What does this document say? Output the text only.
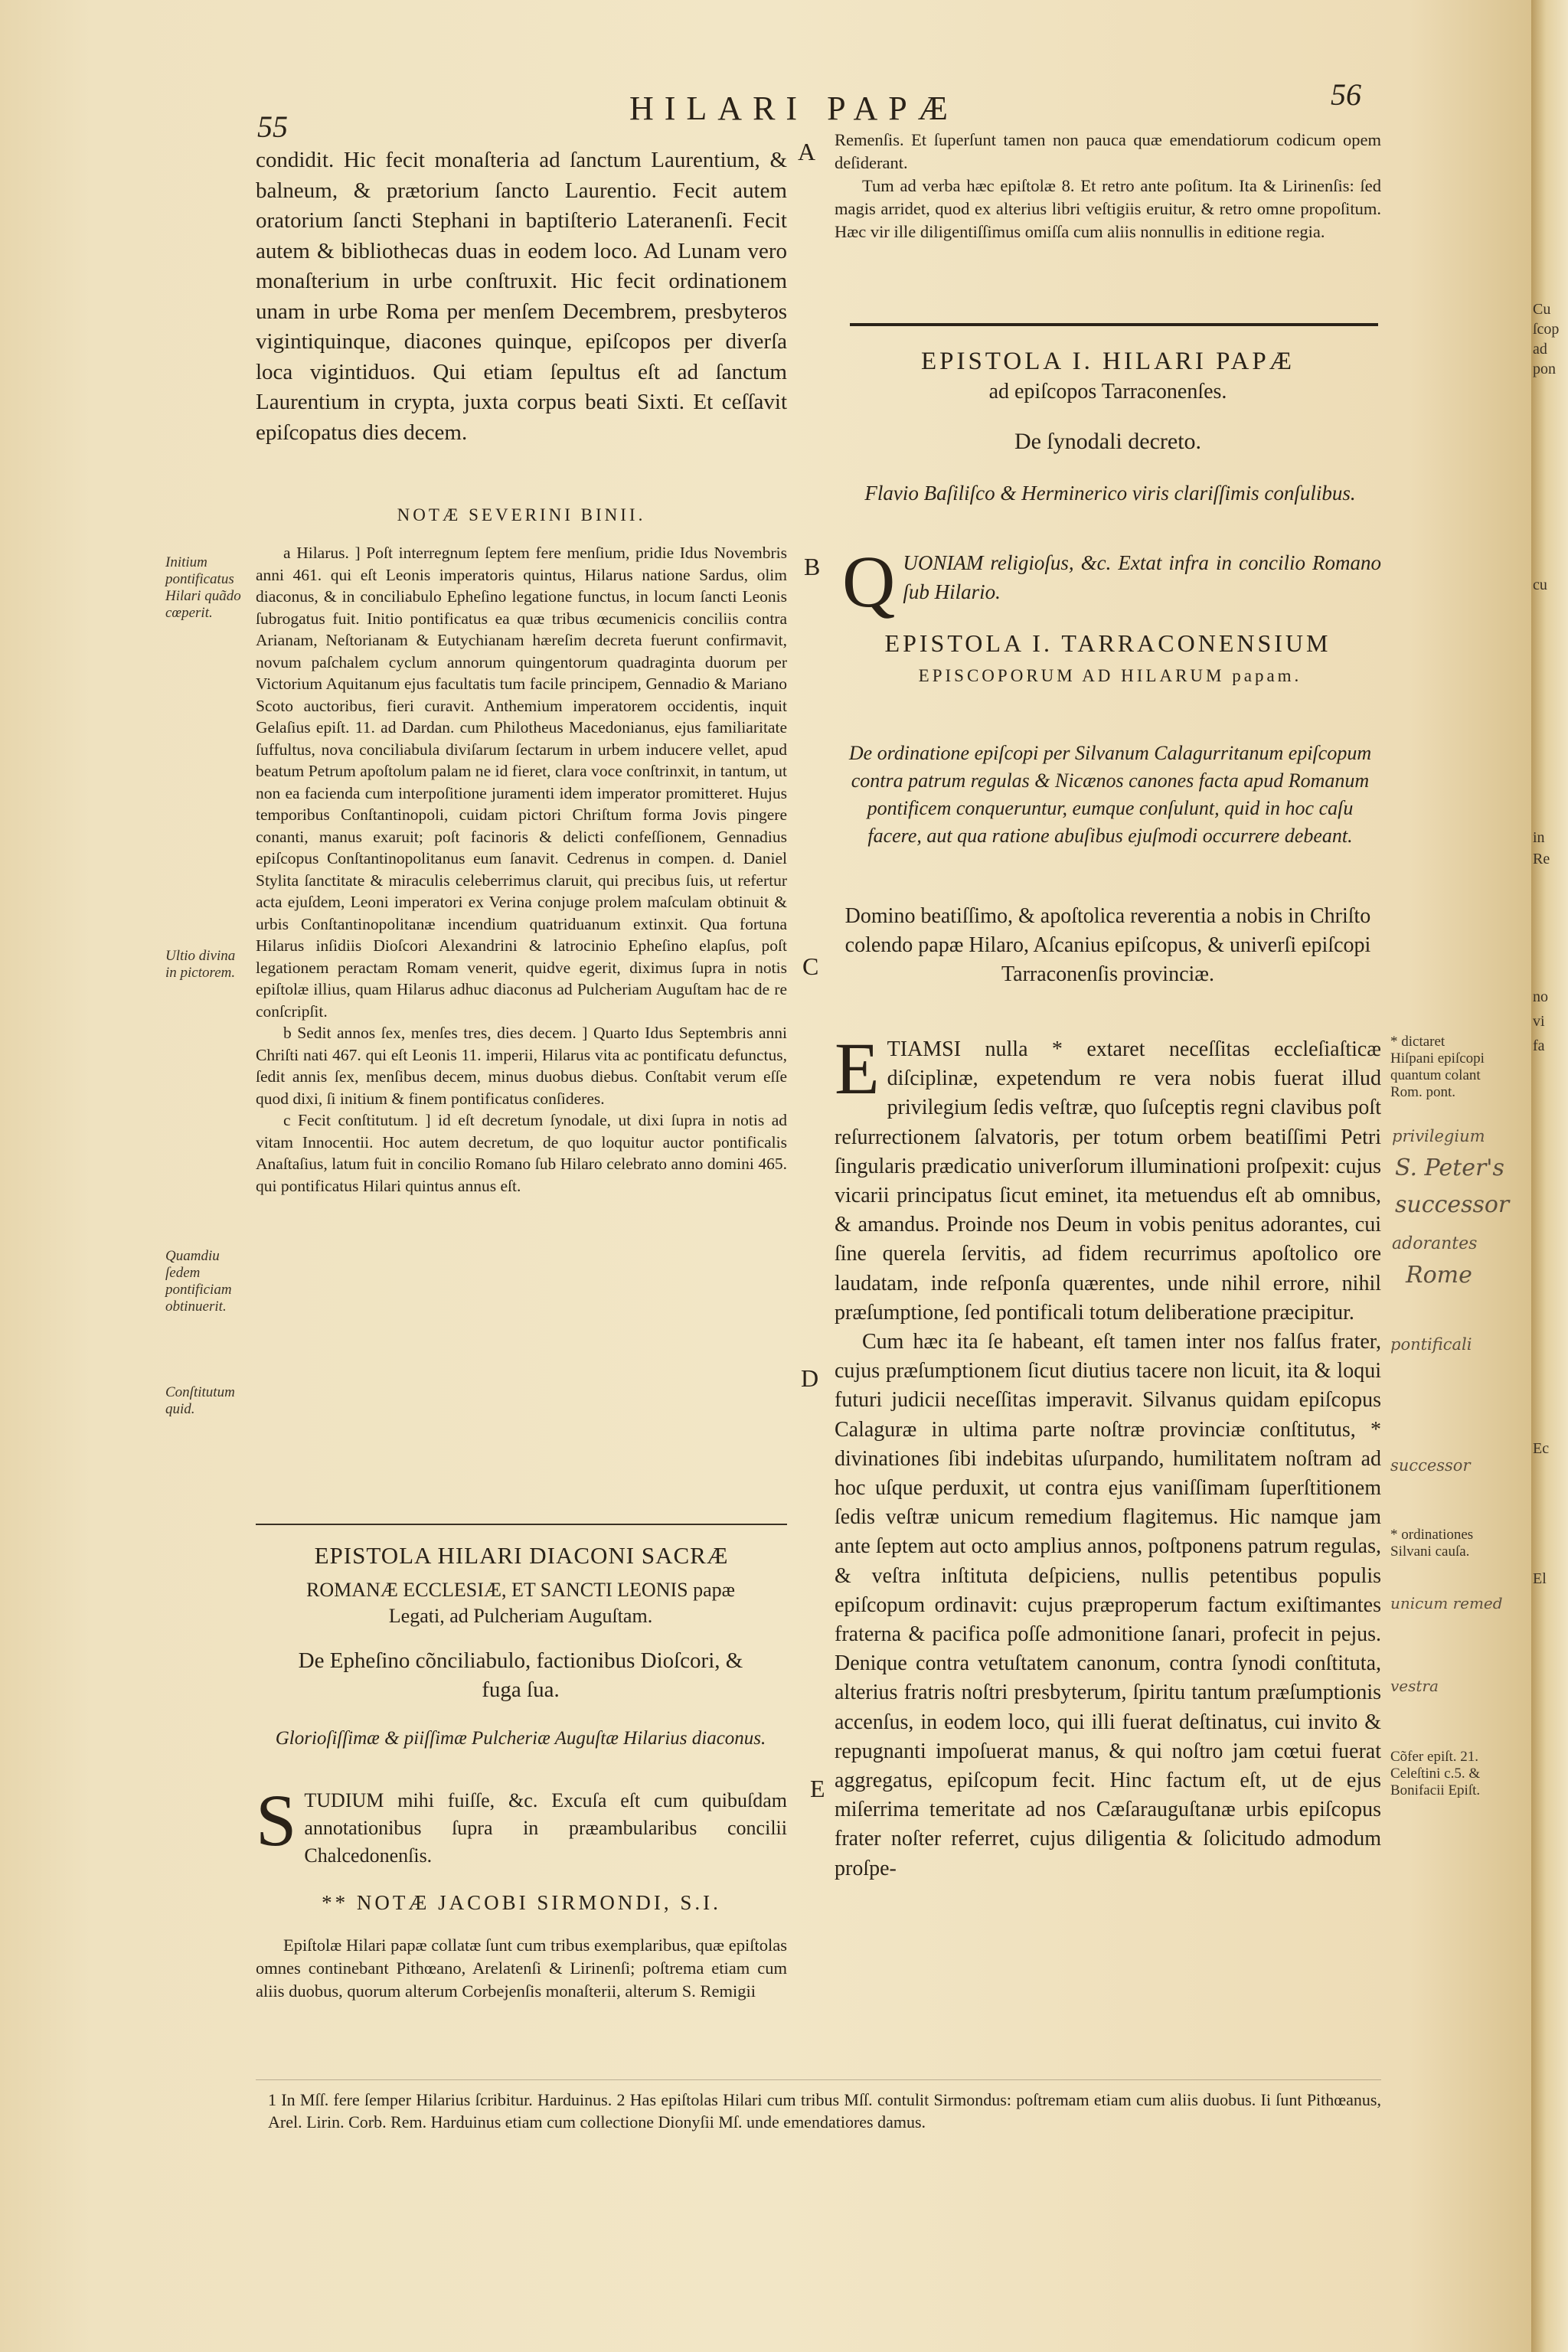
55	HILARI PAPÆ	56
A
B
C
D
E

condidit. Hic fecit monaſteria ad ſanctum Laurentium, & balneum, & prætorium ſancto Laurentio. Fecit autem oratorium ſancti Stephani in baptiſterio Lateranenſi. Fecit autem & bibliothecas duas in eodem loco. Ad Lunam vero monaſterium in urbe conſtruxit. Hic fecit ordinationem unam in urbe Roma per menſem Decembrem, presbyteros vigintiquinque, diacones quinque, epiſcopos per diverſa loca vigintiduos. Qui etiam ſepultus eſt ad ſanctum Laurentium in crypta, juxta corpus beati Sixti. Et ceſſavit epiſcopatus dies decem.

NOTÆ SEVERINI BINII.

a Hilarus. ] Poſt interregnum ſeptem fere menſium, pridie Idus Novembris anni 461. qui eſt Leonis imperatoris quintus, Hilarus natione Sardus, olim diaconus, & in conciliabulo Epheſino legatione functus, in locum ſancti Leonis ſubrogatus fuit. Initio pontificatus ea quæ tribus œcumenicis conciliis contra Arianam, Neſtorianam & Eutychianam hæreſim decreta fuerunt confirmavit, novum paſchalem cyclum annorum quingentorum quadraginta duorum per Victorium Aquitanum ejus facultatis tum facile principem, Gennadio & Mariano Scoto auctoribus, fieri curavit. Anthemium imperatorem occidentis, inquit Gelaſius epiſt. 11. ad Dardan. cum Philotheus Macedonianus, ejus familiaritate ſuffultus, nova conciliabula diviſarum ſectarum in urbem inducere vellet, apud beatum Petrum apoſtolum palam ne id fieret, clara voce conſtrinxit, in tantum, ut non ea facienda cum interpoſitione juramenti idem imperator promitteret. Hujus temporibus Conſtantinopoli, cuidam pictori Chriſtum forma Jovis pingere conanti, manus exaruit; poſt facinoris & delicti confeſſionem, Gennadius epiſcopus Conſtantinopolitanus eum ſanavit. Cedrenus in compen. d. Daniel Stylita ſanctitate & miraculis celeberrimus claruit, qui precibus ſuis, ut refertur acta ejuſdem, Leoni imperatori ex Verina conjuge prolem maſculam obtinuit & urbis Conſtantinopolitanæ incendium quatriduanum extinxit. Qua fortuna Hilarus inſidiis Dioſcori Alexandrini & latrocinio Epheſino elapſus, poſt legationem peractam Romam venerit, quidve egerit, diximus ſupra in notis epiſtolæ illius, quam Hilarus adhuc diaconus ad Pulcheriam Auguſtam hac de re conſcripſit.

b Sedit annos ſex, menſes tres, dies decem. ] Quarto Idus Septembris anni Chriſti nati 467. qui eſt Leonis 11. imperii, Hilarus vita ac pontificatu defunctus, ſedit annis ſex, menſibus decem, minus duobus diebus. Conſtabit verum eſſe quod dixi, ſi initium & finem pontificatus conſideres.

c Fecit conſtitutum. ] id eſt decretum ſynodale, ut dixi ſupra in notis ad vitam Innocentii. Hoc autem decretum, de quo loquitur auctor pontificalis Anaſtaſius, latum fuit in concilio Romano ſub Hilaro celebrato anno domini 465. qui pontificatus Hilari quintus annus eſt.

Initium pontificatus Hilari quãdo cœperit.
Ultio divina in pictorem.
Quamdiu ſedem pontificiam obtinuerit.
Conſtitutum quid.
EPISTOLA HILARI DIACONI SACRÆ
ROMANÆ ECCLESIÆ, ET SANCTI LEONIS papæ Legati, ad Pulcheriam Auguſtam.
De Epheſino cõnciliabulo, factionibus Dioſcori, & fuga ſua.
Glorioſiſſimæ & piiſſimæ Pulcheriæ Auguſtæ Hilarius diaconus.
S TUDIUM mihi fuiſſe, &c. Excuſa eſt cum quibuſdam annotationibus ſupra in præambularibus concilii Chalcedonenſis.
** NOTÆ JACOBI SIRMONDI, S.I.

Epiſtolæ Hilari papæ collatæ ſunt cum tribus exemplaribus, quæ epiſtolas omnes continebant Pithœano, Arelatenſi & Lirinenſi; poſtrema etiam cum aliis duobus, quorum alterum Corbejenſis monaſterii, alterum S. Remigii

Remenſis. Et ſuperſunt tamen non pauca quæ emendatiorum codicum opem deſiderant.

Tum ad verba hæc epiſtolæ 8. Et retro ante poſitum. Ita & Lirinenſis: ſed magis arridet, quod ex alterius libri veſtigiis eruitur, & retro omne propoſitum. Hæc vir ille diligentiſſimus omiſſa cum aliis nonnullis in editione regia.

EPISTOLA I. HILARI PAPÆ
ad epiſcopos Tarraconenſes.
De ſynodali decreto.
Flavio Baſiliſco & Herminerico viris clariſſimis conſulibus.
Q UONIAM religioſus, &c. Extat infra in concilio Romano ſub Hilario.
EPISTOLA I. TARRACONENSIUM
EPISCOPORUM AD HILARUM papam.
De ordinatione epiſcopi per Silvanum Calagurritanum epiſcopum contra patrum regulas & Nicænos canones facta apud Romanum pontificem conqueruntur, eumque conſulunt, quid in hoc caſu facere, aut qua ratione abuſibus ejuſmodi occurrere debeant.
Domino beatiſſimo, & apoſtolica reverentia a nobis in Chriſto colendo papæ Hilaro, Aſcanius epiſcopus, & univerſi epiſcopi Tarraconenſis provinciæ.

ETIAMSI nulla * extaret neceſſitas eccleſiaſticæ diſciplinæ, expetendum re vera nobis fuerat illud privilegium ſedis veſtræ, quo ſuſceptis regni clavibus poſt reſurrectionem ſalvatoris, per totum orbem beatiſſimi Petri ſingularis prædicatio univerſorum illuminationi proſpexit: cujus vicarii principatus ſicut eminet, ita metuendus eſt ab omnibus, & amandus. Proinde nos Deum in vobis penitus adorantes, cui ſine querela ſervitis, ad fidem recurrimus apoſtolico ore laudatam, inde reſponſa quærentes, unde nihil errore, nihil præſumptione, ſed pontificali totum deliberatione præcipitur.

Cum hæc ita ſe habeant, eſt tamen inter nos falſus frater, cujus præſumptionem ſicut diutius tacere non licuit, ita & loqui futuri judicii neceſſitas imperavit. Silvanus quidam epiſcopus Calaguræ in ultima parte noſtræ provinciæ conſtitutus, * divinationes ſibi indebitas uſurpando, humilitatem noſtram ad hoc uſque perduxit, ut contra ejus vaniſſimam ſuperſtitionem ſedis veſtræ unicum remedium flagitemus. Hic namque jam ante ſeptem aut octo amplius annos, poſtponens patrum regulas, & veſtra inſtituta deſpiciens, nullis petentibus populis epiſcopum ordinavit: cujus præproperum factum exiſtimantes fraterna & pacifica poſſe admonitione ſanari, profecit in pejus. Denique contra vetuſtatem canonum, contra ſynodi conſtituta, alterius fratris noſtri presbyterum, ſpiritu tantum præſumptionis accenſus, in eodem loco, qui illi fuerat deſtinatus, cui invito & repugnanti impoſuerat manus, & qui noſtro jam cœtui fuerat aggregatus, epiſcopum fecit. Hinc factum eſt, ut de ejus miſerrima temeritate ad nos Cæſarauguſtanæ urbis epiſcopus frater noſter referret, cujus diligentia & ſolicitudo admodum proſpe-

* dictaret Hiſpani epiſcopi quantum colant Rom. pont.
* ordinationes Silvani cauſa.
Cõfer epiſt. 21. Celeſtini c.5. & Bonifacii Epiſt.
privilegium
S. Peter's
successor
adorantes
Rome
pontificali
successor
unicum remed
vestra

1 In Mſſ. fere ſemper Hilarius ſcribitur. Harduinus. 2 Has epiſtolas Hilari cum tribus Mſſ. contulit Sirmondus: poſtremam etiam cum aliis duobus. Ii ſunt Pithœanus, Arel. Lirin. Corb. Rem. Harduinus etiam cum collectione Dionyſii Mſ. unde emendatiores damus.

Cu
ſcop
ad
pon
cu
in
Re
no
vi
fa
Ec
El
